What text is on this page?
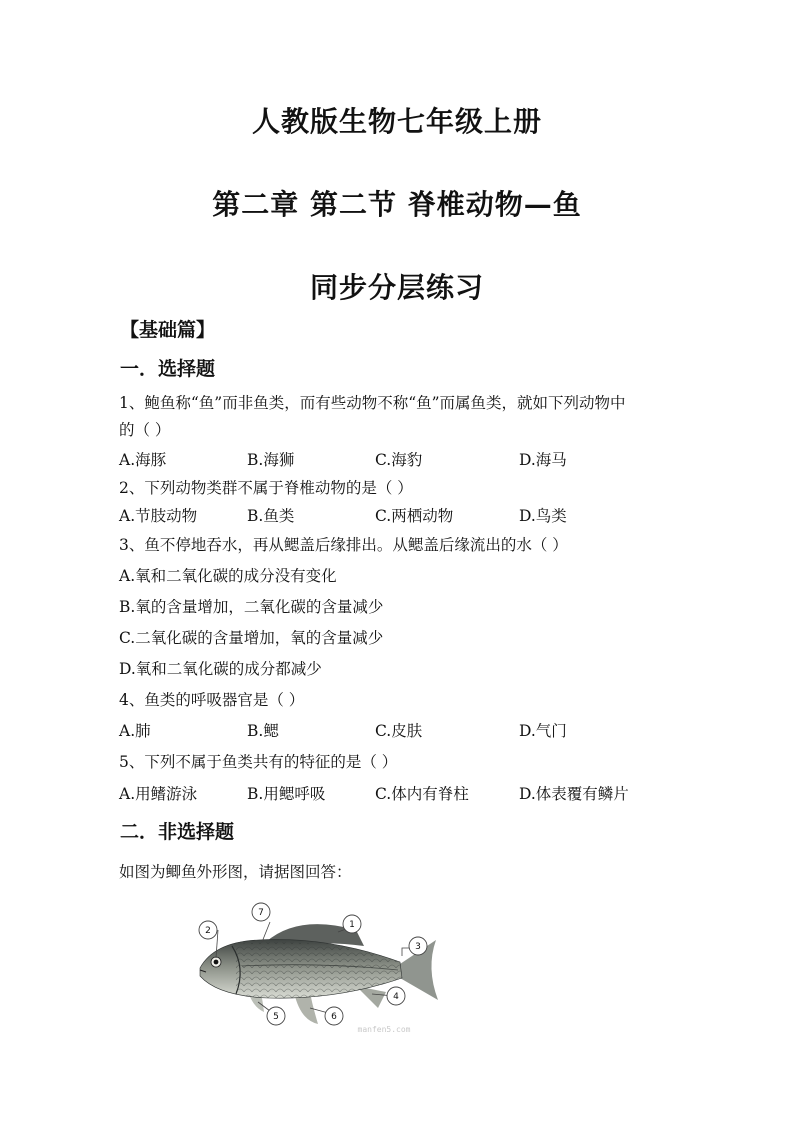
人教版生物七年级上册
第二章 第二节 脊椎动物—鱼
同步分层练习
【基础篇】
一．选择题
1、鲍鱼称“鱼”而非鱼类，而有些动物不称“鱼”而属鱼类，就如下列动物中
的（ ）
A.海豚	B.海狮	C.海豹	D.海马
2、下列动物类群不属于脊椎动物的是（ ）
A.节肢动物	B.鱼类	C.两栖动物	D.鸟类
3、鱼不停地吞水，再从鳃盖后缘排出。从鳃盖后缘流出的水（ ）
A.氧和二氧化碳的成分没有变化
B.氧的含量增加，二氧化碳的含量减少
C.二氧化碳的含量增加，氧的含量减少
D.氧和二氧化碳的成分都减少
4、鱼类的呼吸器官是（ ）
A.肺	B.鳃	C.皮肤	D.气门
5、下列不属于鱼类共有的特征的是（ ）
A.用鳍游泳	B.用鳃呼吸	C.体内有脊柱	D.体表覆有鳞片
二．非选择题
如图为鲫鱼外形图，请据图回答：
7
2
1
3
4
5	6
manfen5.com
